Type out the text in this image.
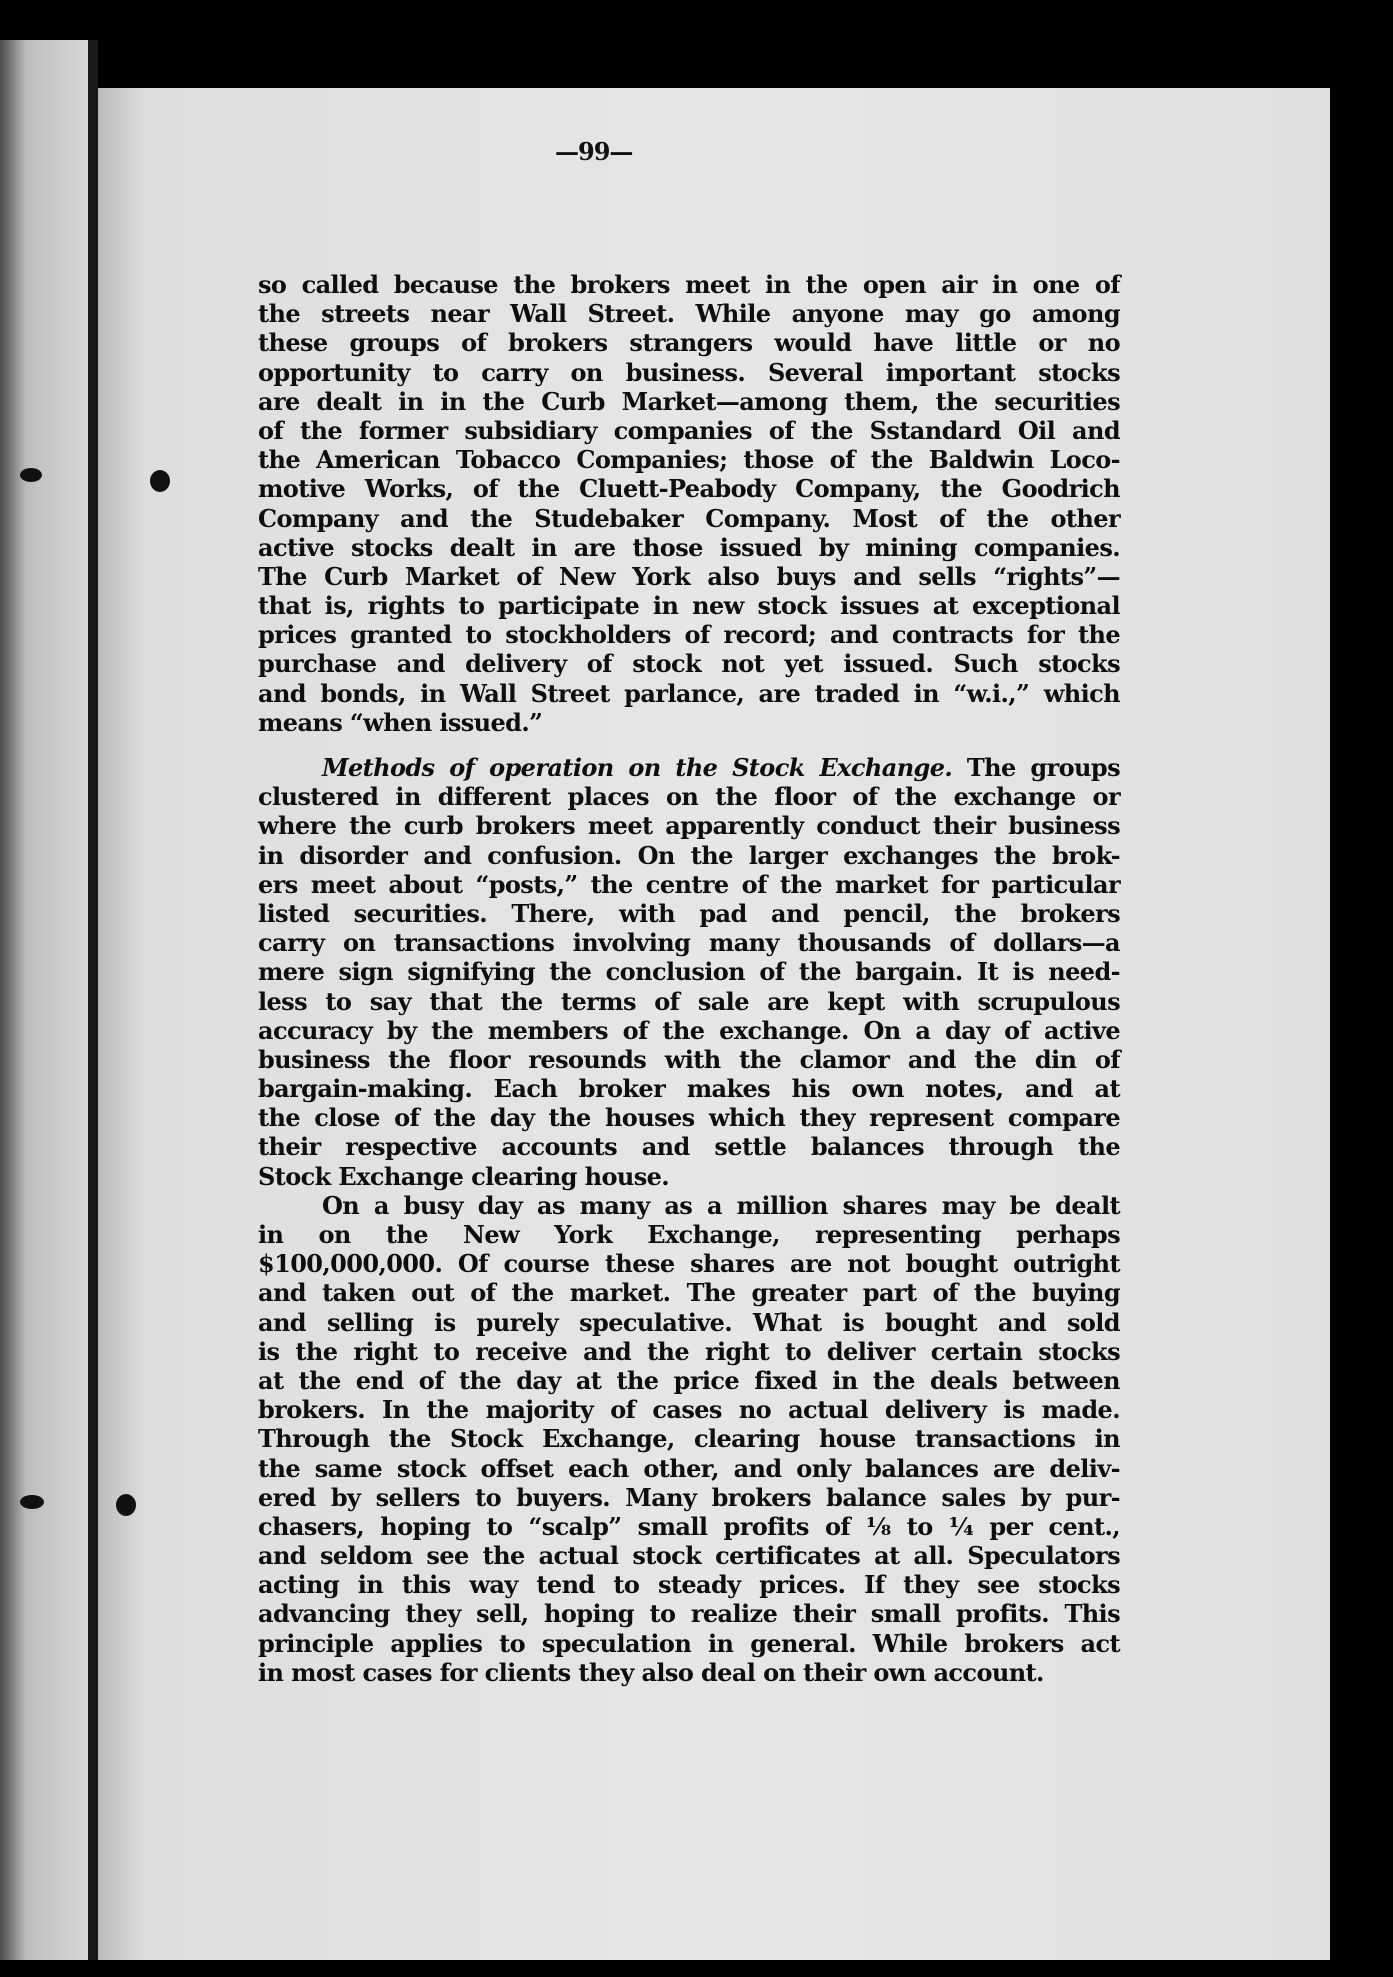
—99—
so called because the brokers meet in the open air in one of
the streets near Wall Street. While anyone may go among
these groups of brokers strangers would have little or no
opportunity to carry on business. Several important stocks
are dealt in in the Curb Market—among them, the securities
of the former subsidiary companies of the Sstandard Oil and
the American Tobacco Companies; those of the Baldwin Loco-
motive Works, of the Cluett-Peabody Company, the Goodrich
Company and the Studebaker Company. Most of the other
active stocks dealt in are those issued by mining companies.
The Curb Market of New York also buys and sells “rights”—
that is, rights to participate in new stock issues at exceptional
prices granted to stockholders of record; and contracts for the
purchase and delivery of stock not yet issued. Such stocks
and bonds, in Wall Street parlance, are traded in “w.i.,” which
means “when issued.”
Methods of operation on the Stock Exchange. The groups
clustered in different places on the floor of the exchange or
where the curb brokers meet apparently conduct their business
in disorder and confusion. On the larger exchanges the brok-
ers meet about “posts,” the centre of the market for particular
listed securities. There, with pad and pencil, the brokers
carry on transactions involving many thousands of dollars—a
mere sign signifying the conclusion of the bargain. It is need-
less to say that the terms of sale are kept with scrupulous
accuracy by the members of the exchange. On a day of active
business the floor resounds with the clamor and the din of
bargain-making. Each broker makes his own notes, and at
the close of the day the houses which they represent compare
their respective accounts and settle balances through the
Stock Exchange clearing house.
On a busy day as many as a million shares may be dealt
in on the New York Exchange, representing perhaps
$100,000,000. Of course these shares are not bought outright
and taken out of the market. The greater part of the buying
and selling is purely speculative. What is bought and sold
is the right to receive and the right to deliver certain stocks
at the end of the day at the price fixed in the deals between
brokers. In the majority of cases no actual delivery is made.
Through the Stock Exchange, clearing house transactions in
the same stock offset each other, and only balances are deliv-
ered by sellers to buyers. Many brokers balance sales by pur-
chasers, hoping to “scalp” small profits of ⅛ to ¼ per cent.,
and seldom see the actual stock certificates at all. Speculators
acting in this way tend to steady prices. If they see stocks
advancing they sell, hoping to realize their small profits. This
principle applies to speculation in general. While brokers act
in most cases for clients they also deal on their own account.
